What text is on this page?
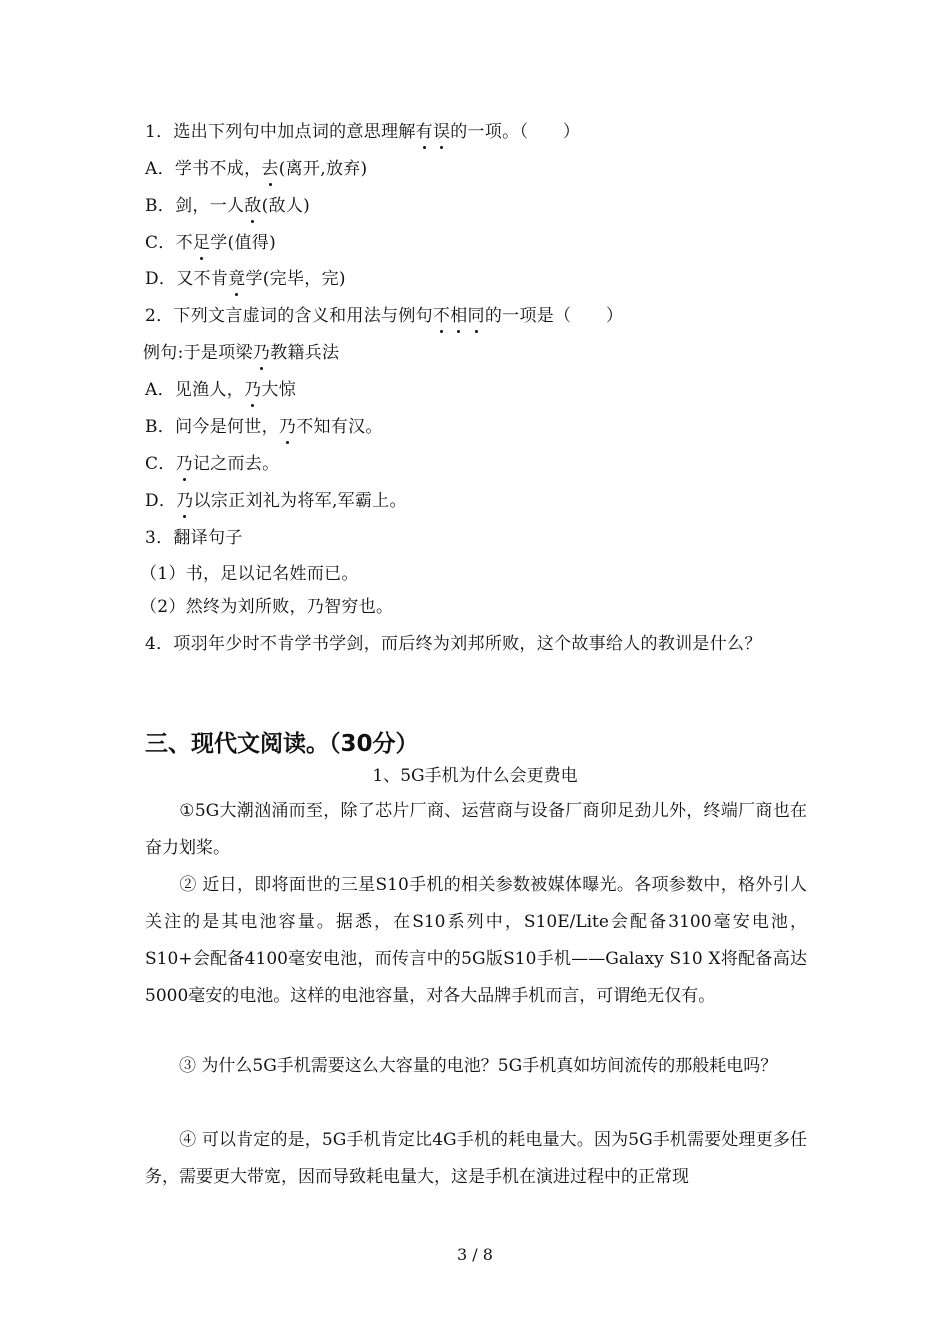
1．选出下列句中加点词的意思理解有误的一项。（　　）
A．学书不成，去(离开,放弃)
B．剑，一人敌(敌人)
C．不足学(值得)
D．又不肯竟学(完毕，完)
2．下列文言虚词的含义和用法与例句不相同的一项是（　　）
例句:于是项梁乃教籍兵法
A．见渔人，乃大惊
B．问今是何世，乃不知有汉。
C．乃记之而去。
D．乃以宗正刘礼为将军,军霸上。
3．翻译句子
（1）书，足以记名姓而已。
（2）然终为刘所败，乃智穷也。
4．项羽年少时不肯学书学剑，而后终为刘邦所败，这个故事给人的教训是什么？
三、现代文阅读。（30分）
1、5G手机为什么会更费电
①5G大潮汹涌而至，除了芯片厂商、运营商与设备厂商卯足劲儿外，终端厂商也在奋力划桨。
② 近日，即将面世的三星S10手机的相关参数被媒体曝光。各项参数中，格外引人关注的是其电池容量。据悉，在S10系列中，S10E/Lite会配备3100毫安电池，S10+会配备4100毫安电池，而传言中的5G版S10手机——Galaxy S10 X将配备高达5000毫安的电池。这样的电池容量，对各大品牌手机而言，可谓绝无仅有。
③ 为什么5G手机需要这么大容量的电池？5G手机真如坊间流传的那般耗电吗？
④ 可以肯定的是，5G手机肯定比4G手机的耗电量大。因为5G手机需要处理更多任务，需要更大带宽，因而导致耗电量大，这是手机在演进过程中的正常现
3 / 8
